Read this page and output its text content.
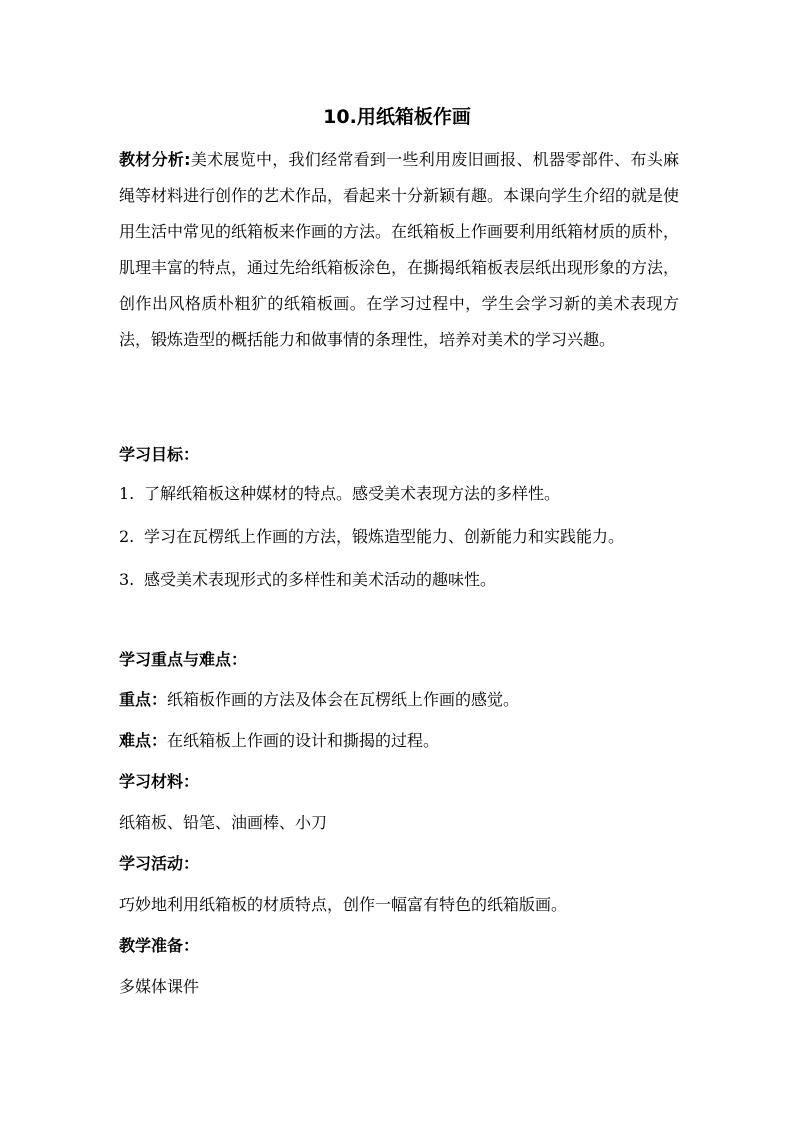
10.用纸箱板作画
教材分析:美术展览中，我们经常看到一些利用废旧画报、机器零部件、布头麻绳等材料进行创作的艺术作品，看起来十分新颖有趣。本课向学生介绍的就是使用生活中常见的纸箱板来作画的方法。在纸箱板上作画要利用纸箱材质的质朴，肌理丰富的特点，通过先给纸箱板涂色，在撕揭纸箱板表层纸出现形象的方法，创作出风格质朴粗犷的纸箱板画。在学习过程中，学生会学习新的美术表现方法，锻炼造型的概括能力和做事情的条理性，培养对美术的学习兴趣。
学习目标：
1. 了解纸箱板这种媒材的特点。感受美术表现方法的多样性。
2. 学习在瓦楞纸上作画的方法，锻炼造型能力、创新能力和实践能力。
3. 感受美术表现形式的多样性和美术活动的趣味性。
学习重点与难点：
重点：纸箱板作画的方法及体会在瓦楞纸上作画的感觉。
难点：在纸箱板上作画的设计和撕揭的过程。
学习材料：
纸箱板、铅笔、油画棒、小刀
学习活动：
巧妙地利用纸箱板的材质特点，创作一幅富有特色的纸箱版画。
教学准备：
多媒体课件
